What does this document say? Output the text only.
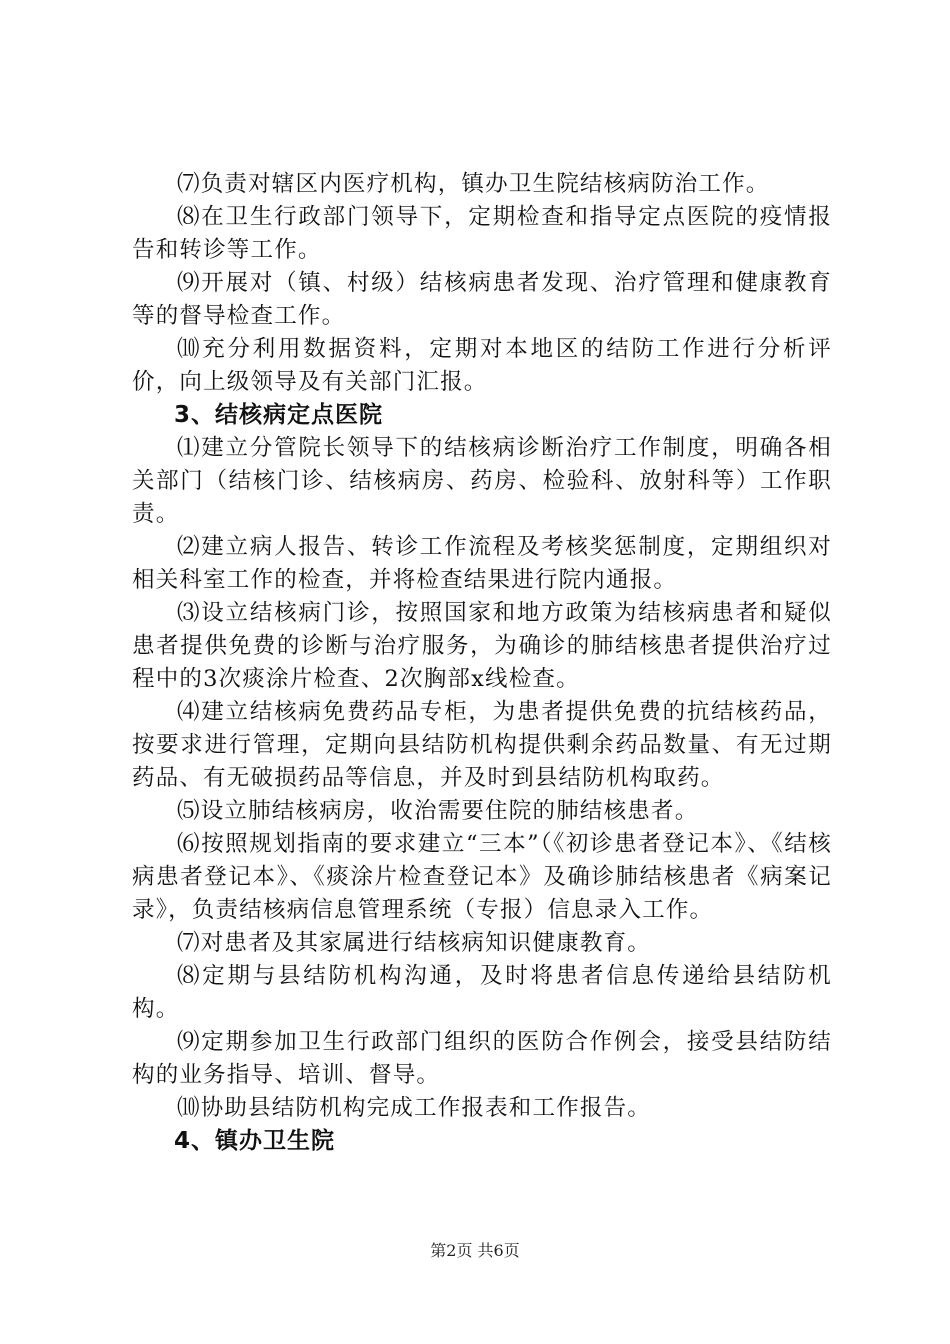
⑺负责对辖区内医疗机构，镇办卫生院结核病防治工作。

⑻在卫生行政部门领导下，定期检查和指导定点医院的疫情报告和转诊等工作。

⑼开展对（镇、村级）结核病患者发现、治疗管理和健康教育等的督导检查工作。

⑽充分利用数据资料，定期对本地区的结防工作进行分析评价，向上级领导及有关部门汇报。

3、结核病定点医院

⑴建立分管院长领导下的结核病诊断治疗工作制度，明确各相关部门（结核门诊、结核病房、药房、检验科、放射科等）工作职责。

⑵建立病人报告、转诊工作流程及考核奖惩制度，定期组织对相关科室工作的检查，并将检查结果进行院内通报。

⑶设立结核病门诊，按照国家和地方政策为结核病患者和疑似患者提供免费的诊断与治疗服务，为确诊的肺结核患者提供治疗过程中的3次痰涂片检查、2次胸部x线检查。

⑷建立结核病免费药品专柜，为患者提供免费的抗结核药品，按要求进行管理，定期向县结防机构提供剩余药品数量、有无过期药品、有无破损药品等信息，并及时到县结防机构取药。

⑸设立肺结核病房，收治需要住院的肺结核患者。

⑹按照规划指南的要求建立“三本”（《初诊患者登记本》、《结核病患者登记本》、《痰涂片检查登记本》及确诊肺结核患者《病案记录》，负责结核病信息管理系统（专报）信息录入工作。

⑺对患者及其家属进行结核病知识健康教育。

⑻定期与县结防机构沟通，及时将患者信息传递给县结防机构。

⑼定期参加卫生行政部门组织的医防合作例会，接受县结防结构的业务指导、培训、督导。

⑽协助县结防机构完成工作报表和工作报告。

4、镇办卫生院

第2页 共6页
